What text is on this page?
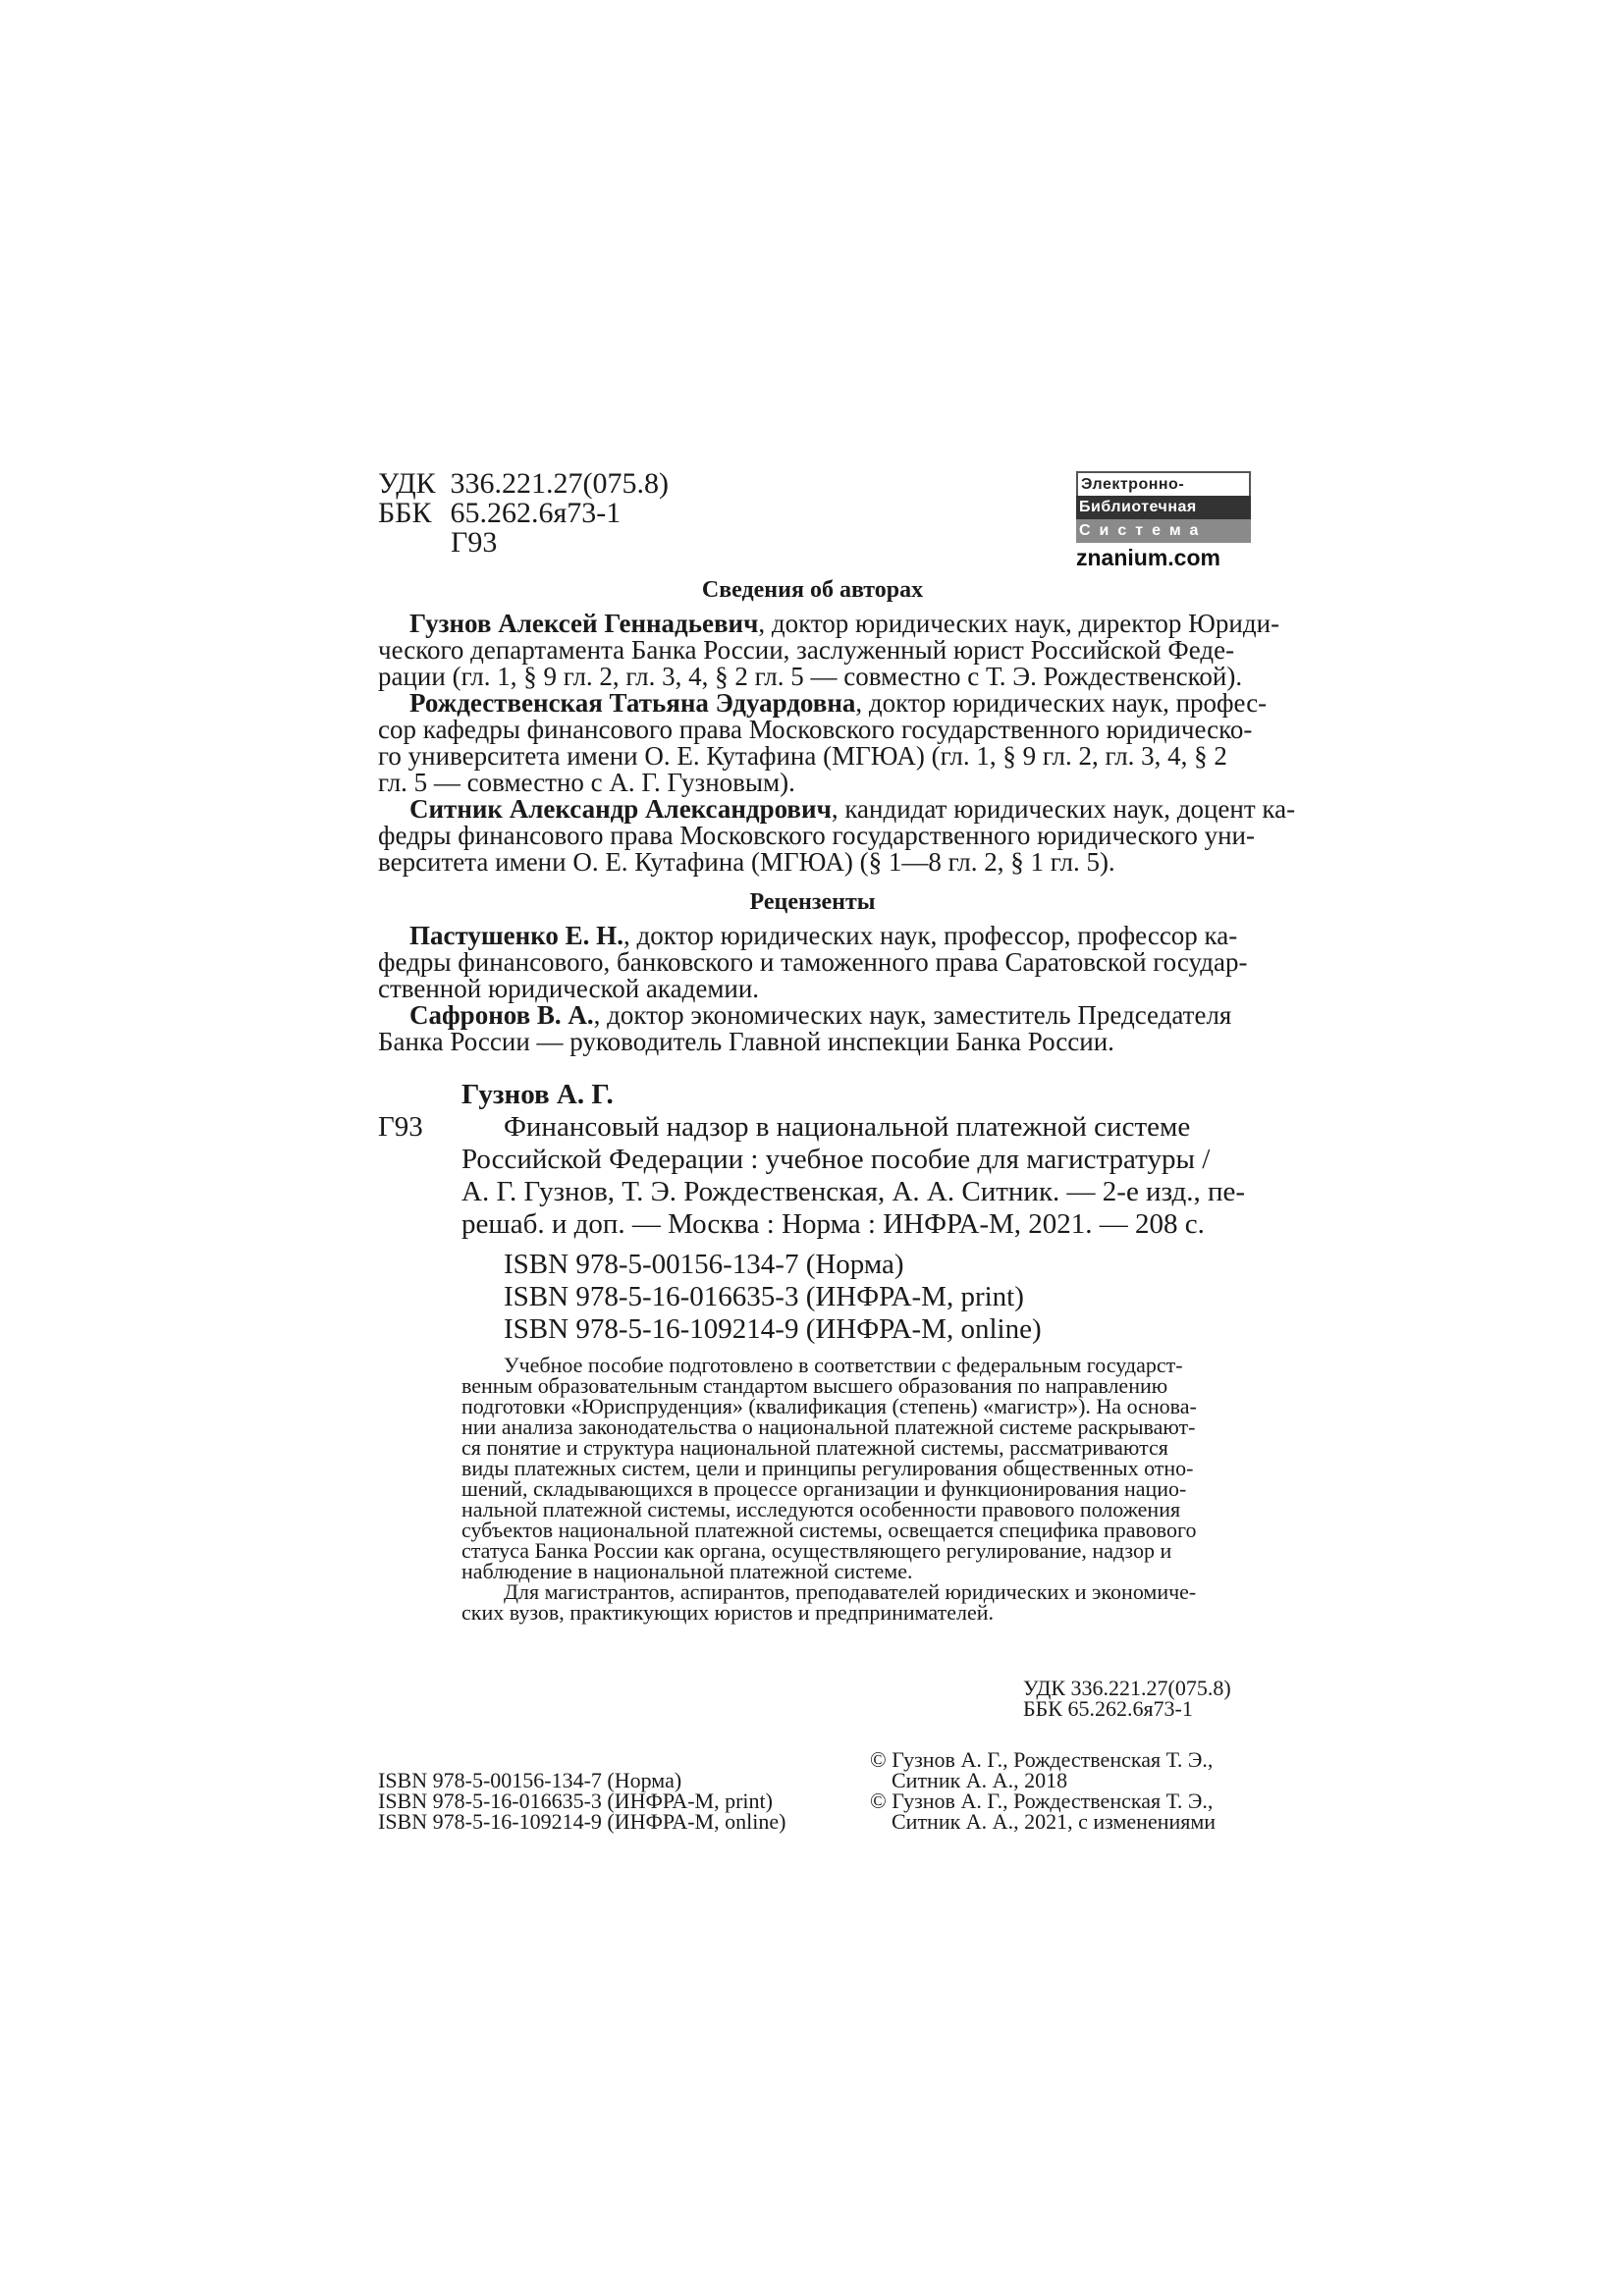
УДК 336.221.27(075.8)
ББК 65.262.6я73-1
Г93
Электронно-
Библиотечная
Система
znanium.com
Сведения об авторах
Гузнов Алексей Геннадьевич, доктор юридических наук, директор Юриди-
ческого департамента Банка России, заслуженный юрист Российской Феде-
рации (гл. 1, § 9 гл. 2, гл. 3, 4, § 2 гл. 5 — совместно с Т. Э. Рождественской).
Рождественская Татьяна Эдуардовна, доктор юридических наук, профес-
сор кафедры финансового права Московского государственного юридическо-
го университета имени О. Е. Кутафина (МГЮА) (гл. 1, § 9 гл. 2, гл. 3, 4, § 2
гл. 5 — совместно с А. Г. Гузновым).
Ситник Александр Александрович, кандидат юридических наук, доцент ка-
федры финансового права Московского государственного юридического уни-
верситета имени О. Е. Кутафина (МГЮА) (§ 1—8 гл. 2, § 1 гл. 5).
Рецензенты
Пастушенко Е. Н., доктор юридических наук, профессор, профессор ка-
федры финансового, банковского и таможенного права Саратовской государ-
ственной юридической академии.
Сафронов В. А., доктор экономических наук, заместитель Председателя
Банка России — руководитель Главной инспекции Банка России.
Гузнов А. Г.
Г93	Финансовый надзор в национальной платежной системе
Российской Федерации : учебное пособие для магистратуры /
А. Г. Гузнов, Т. Э. Рождественская, А. А. Ситник. — 2-е изд., пе-
решаб. и доп. — Москва : Норма : ИНФРА-М, 2021. — 208 с.
ISBN 978-5-00156-134-7 (Норма)
ISBN 978-5-16-016635-3 (ИНФРА-М, print)
ISBN 978-5-16-109214-9 (ИНФРА-М, online)
Учебное пособие подготовлено в соответствии с федеральным государст-
венным образовательным стандартом высшего образования по направлению
подготовки «Юриспруденция» (квалификация (степень) «магистр»). На основа-
нии анализа законодательства о национальной платежной системе раскрывают-
ся понятие и структура национальной платежной системы, рассматриваются
виды платежных систем, цели и принципы регулирования общественных отно-
шений, складывающихся в процессе организации и функционирования нацио-
нальной платежной системы, исследуются особенности правового положения
субъектов национальной платежной системы, освещается специфика правового
статуса Банка России как органа, осуществляющего регулирование, надзор и
наблюдение в национальной платежной системе.
Для магистрантов, аспирантов, преподавателей юридических и экономиче-
ских вузов, практикующих юристов и предпринимателей.
УДК 336.221.27(075.8)
ББК 65.262.6я73-1
ISBN 978-5-00156-134-7 (Норма)
ISBN 978-5-16-016635-3 (ИНФРА-М, print)
ISBN 978-5-16-109214-9 (ИНФРА-М, online)
© Гузнов А. Г., Рождественская Т. Э.,
Ситник А. А., 2018
© Гузнов А. Г., Рождественская Т. Э.,
Ситник А. А., 2021, с изменениями
